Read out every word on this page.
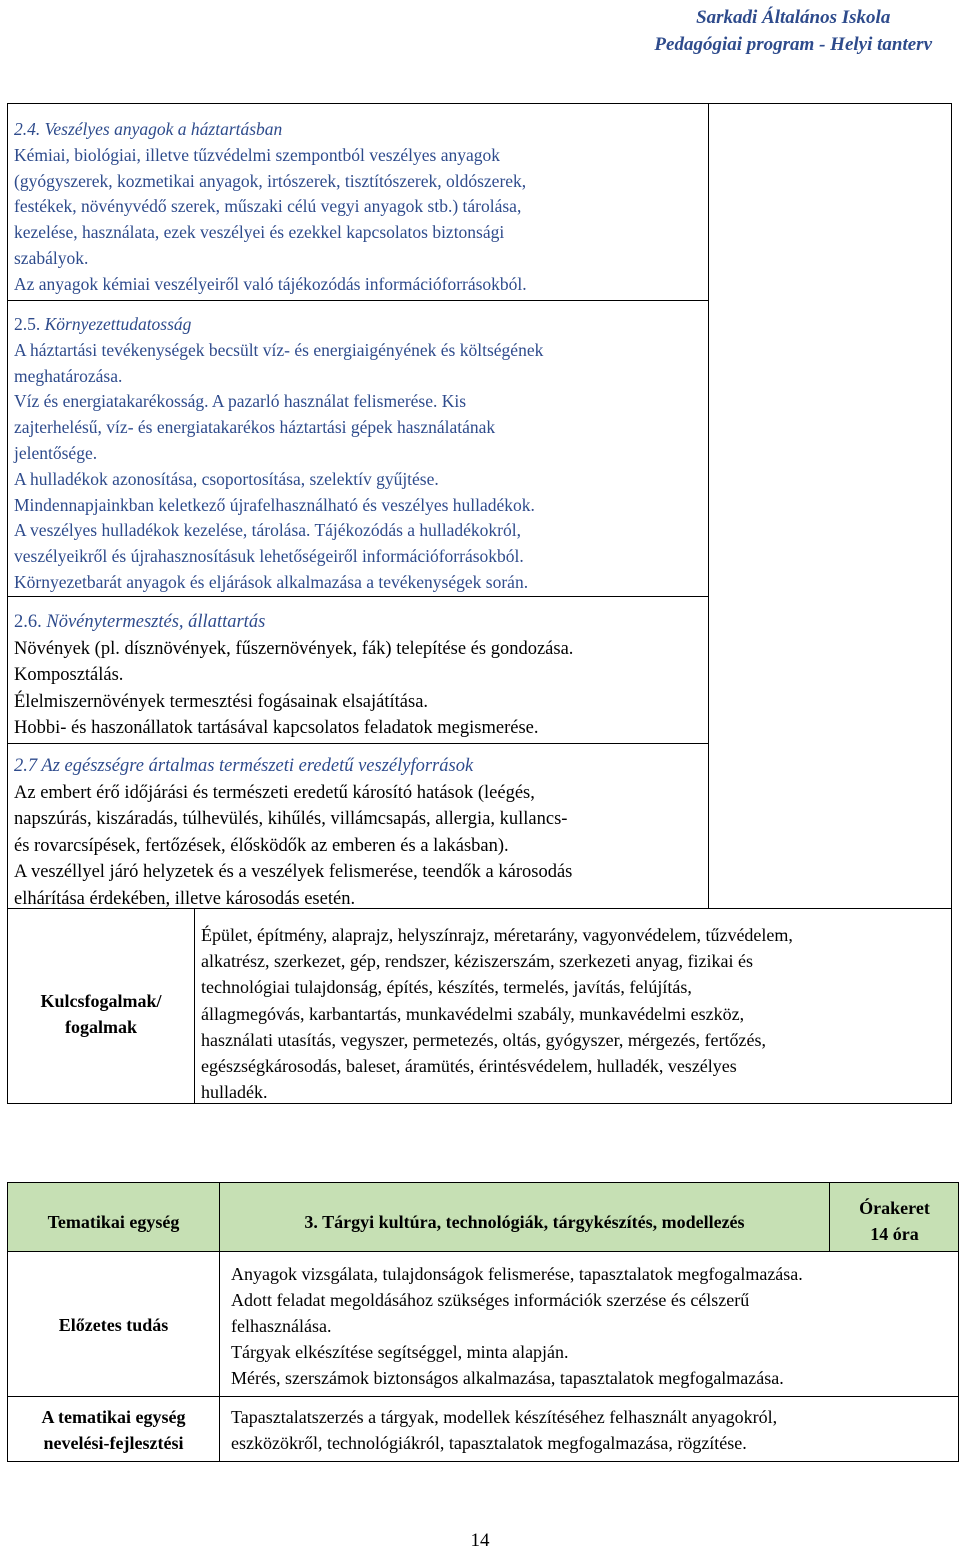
Sarkadi Általános Iskola
Pedagógiai program - Helyi tanterv

2.4. Veszélyes anyagok a háztartásban

Kémiai, biológiai, illetve tűzvédelmi szempontból veszélyes anyagok

(gyógyszerek, kozmetikai anyagok, irtószerek, tisztítószerek, oldószerek,

festékek, növényvédő szerek, műszaki célú vegyi anyagok stb.) tárolása,

kezelése, használata, ezek veszélyei és ezekkel kapcsolatos biztonsági

szabályok.

Az anyagok kémiai veszélyeiről való tájékozódás információforrásokból.

2.5. Környezettudatosság

A háztartási tevékenységek becsült víz- és energiaigényének és költségének

meghatározása.

Víz és energiatakarékosság. A pazarló használat felismerése. Kis

zajterhelésű, víz- és energiatakarékos háztartási gépek használatának

jelentősége.

A hulladékok azonosítása, csoportosítása, szelektív gyűjtése.

Mindennapjainkban keletkező újrafelhasználható és veszélyes hulladékok.

A veszélyes hulladékok kezelése, tárolása. Tájékozódás a hulladékokról,

veszélyeikről és újrahasznosításuk lehetőségeiről információforrásokból.

Környezetbarát anyagok és eljárások alkalmazása a tevékenységek során.

2.6. Növénytermesztés, állattartás

Növények (pl. dísznövények, fűszernövények, fák) telepítése és gondozása.

Komposztálás.

Élelmiszernövények termesztési fogásainak elsajátítása.

Hobbi- és haszonállatok tartásával kapcsolatos feladatok megismerése.

2.7 Az egészségre ártalmas természeti eredetű veszélyforrások

Az embert érő időjárási és természeti eredetű károsító hatások (leégés,

napszúrás, kiszáradás, túlhevülés, kihűlés, villámcsapás, allergia, kullancs-

és rovarcsípések, fertőzések, élősködők az emberen és a lakásban).

A veszéllyel járó helyzetek és a veszélyek felismerése, teendők a károsodás

elhárítása érdekében, illetve károsodás esetén.

Kulcsfogalmak/
fogalmak
Épület, építmény, alaprajz, helyszínrajz, méretarány, vagyonvédelem, tűzvédelem,
alkatrész, szerkezet, gép, rendszer, kéziszerszám, szerkezeti anyag, fizikai és
technológiai tulajdonság, építés, készítés, termelés, javítás, felújítás,
állagmegóvás, karbantartás, munkavédelmi szabály, munkavédelmi eszköz,
használati utasítás, vegyszer, permetezés, oltás, gyógyszer, mérgezés, fertőzés,
egészségkárosodás, baleset, áramütés, érintésvédelem, hulladék, veszélyes
hulladék.
Tematikai egység	3. Tárgyi kultúra, technológiák, tárgykészítés, modellezés
Órakeret
14 óra
Előzetes tudás
Anyagok vizsgálata, tulajdonságok felismerése, tapasztalatok megfogalmazása.
Adott feladat megoldásához szükséges információk szerzése és célszerű
felhasználása.
Tárgyak elkészítése segítséggel, minta alapján.
Mérés, szerszámok biztonságos alkalmazása, tapasztalatok megfogalmazása.
A tematikai egység
nevelési-fejlesztési
Tapasztalatszerzés a tárgyak, modellek készítéséhez felhasznált anyagokról,
eszközökről, technológiákról, tapasztalatok megfogalmazása, rögzítése.
14
